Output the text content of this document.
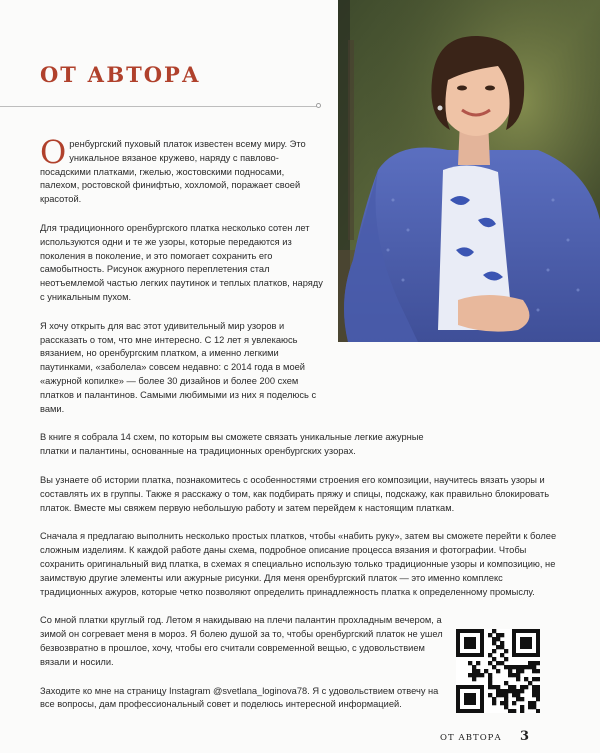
ОТ АВТОРА

Оренбургский пуховый платок известен всему миру. Это уникальное вязаное кружево, наряду с павлово-посадскими платками, гжелью, жостовскими подносами, палехом, ростовской финифтью, хохломой, поражает своей красотой.

Для традиционного оренбургского платка несколько сотен лет используются одни и те же узоры, которые передаются из поколения в поколение, и это помогает сохранить его самобытность. Рисунок ажурного переплетения стал неотъемлемой частью легких паутинок и теплых платков, наряду с уникальным пухом.

Я хочу открыть для вас этот удивительный мир узоров и рассказать о том, что мне интересно. С 12 лет я увлекаюсь вязанием, но оренбургским платком, а именно легкими паутинками, «заболела» совсем недавно: с 2014 года в моей «ажурной копилке» — более 30 дизайнов и более 200 схем платков и палантинов. Самыми любимыми из них я поделюсь с вами.

В книге я собрала 14 схем, по которым вы сможете связать уникальные легкие ажурные платки и палантины, основанные на традиционных оренбургских узорах.

Вы узнаете об истории платка, познакомитесь с особенностями строения его композиции, научитесь вязать узоры и составлять их в группы. Также я расскажу о том, как подбирать пряжу и спицы, подскажу, как правильно блокировать платок. Вместе мы свяжем первую небольшую работу и затем перейдем к настоящим платкам.

Сначала я предлагаю выполнить несколько простых платков, чтобы «набить руку», затем вы сможете перейти к более сложным изделиям. К каждой работе даны схема, подробное описание процесса вязания и фотографии. Чтобы сохранить оригинальный вид платка, в схемах я специально использую только традиционные узоры и композицию, не заимствую другие элементы или ажурные рисунки. Для меня оренбургский платок — это именно комплекс традиционных ажуров, которые четко позволяют определить принадлежность платка к определенному промыслу.

Со мной платки круглый год. Летом я накидываю на плечи палантин прохладным вечером, а зимой он согревает меня в мороз. Я болею душой за то, чтобы оренбургский платок не ушел безвозвратно в прошлое, хочу, чтобы его считали современной вещью, с удовольствием вязали и носили.

Заходите ко мне на страницу Instagram @svetlana_loginova78. Я с удовольствием отвечу на все вопросы, дам профессиональный совет и поделюсь интересной информацией.

ОТ АВТОРА 3
